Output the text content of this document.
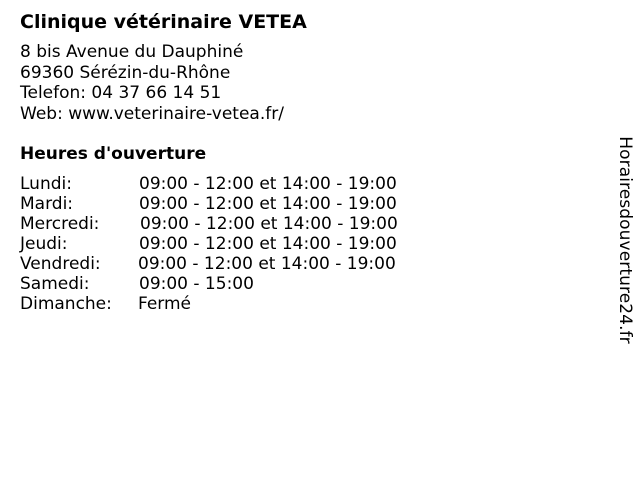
Clinique vétérinaire VETEA
8 bis Avenue du Dauphiné
69360 Sérézin-du-Rhône
Telefon: 04 37 66 14 51
Web: www.veterinaire-vetea.fr/
Heures d'ouverture
Lundi:	09:00 - 12:00 et 14:00 - 19:00
Mardi:	09:00 - 12:00 et 14:00 - 19:00
Mercredi: 09:00 - 12:00 et 14:00 - 19:00
Jeudi:	09:00 - 12:00 et 14:00 - 19:00
Vendredi: 09:00 - 12:00 et 14:00 - 19:00
Samedi:	09:00 - 15:00
Dimanche: Fermé	Horairesdouverture24.fr
